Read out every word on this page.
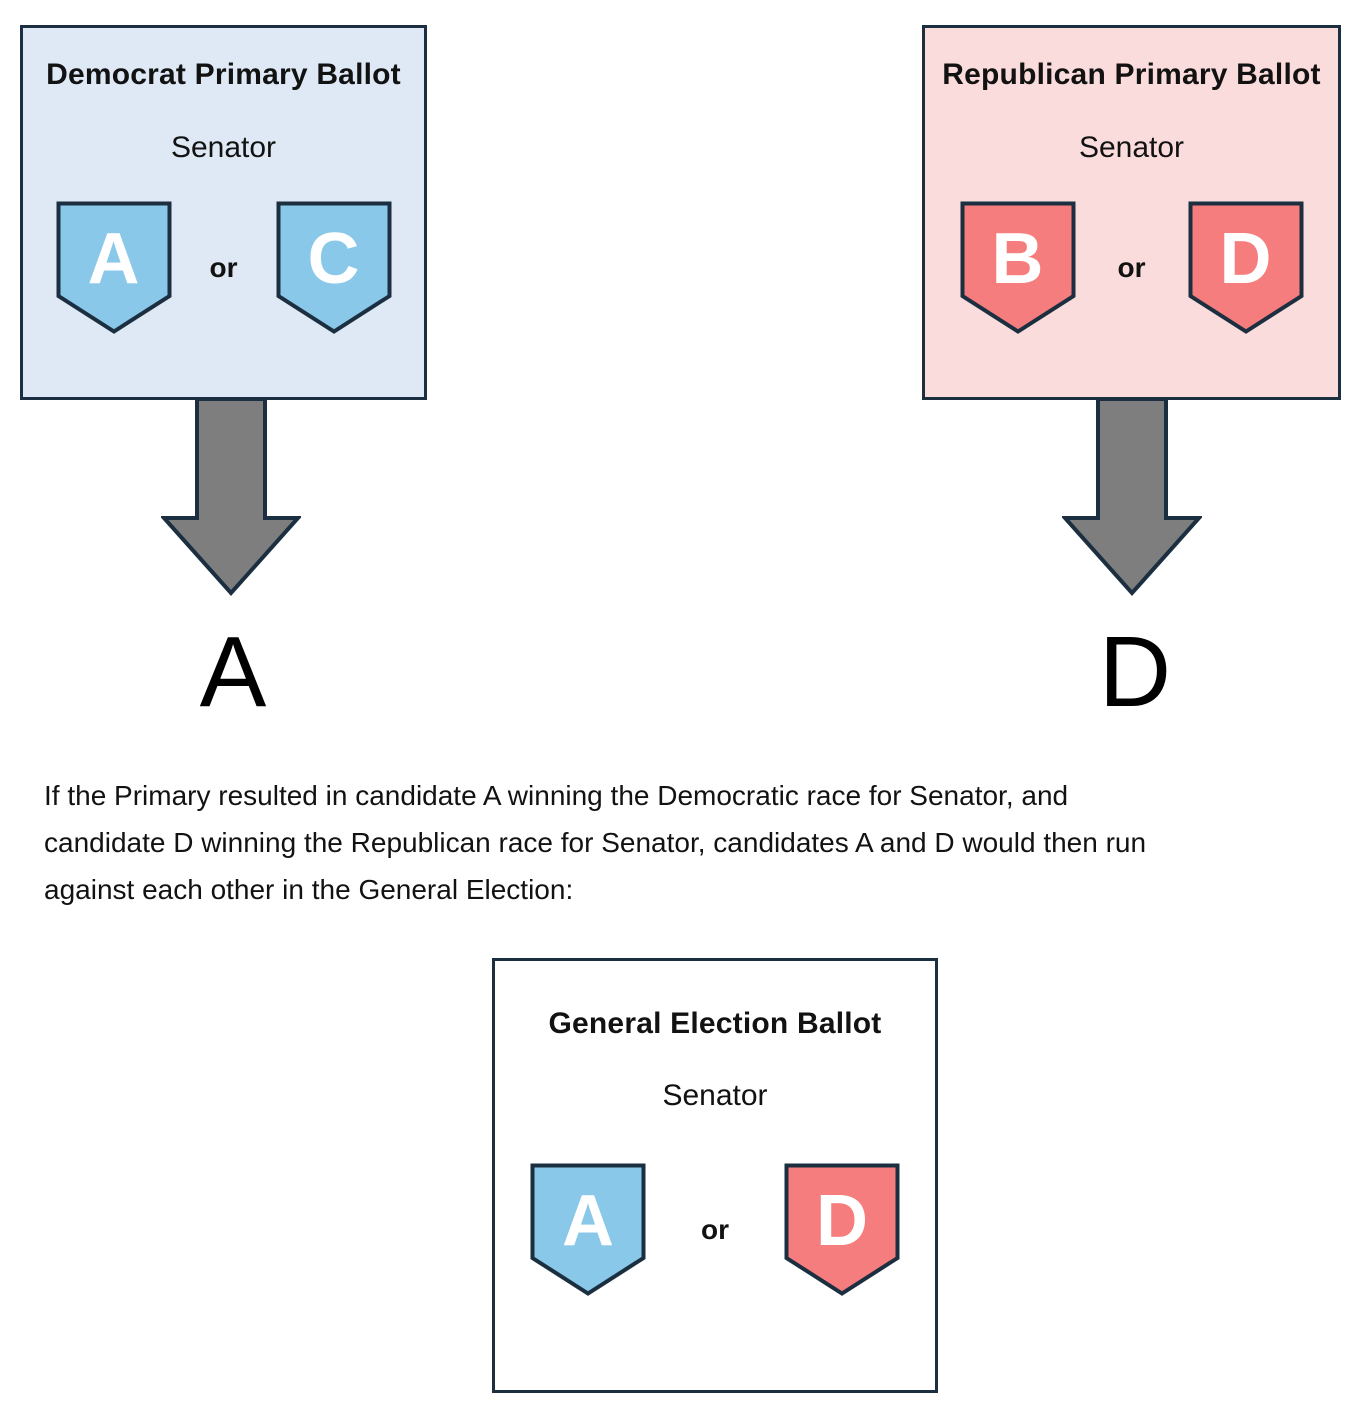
Democrat Primary Ballot
Senator
A	or C
Republican Primary Ballot
Senator
B	or	D
A	D
If the Primary resulted in candidate A winning the Democratic race for Senator, and
candidate D winning the Republican race for Senator, candidates A and D would then run
against each other in the General Election:
General Election Ballot
Senator
A	or	D
